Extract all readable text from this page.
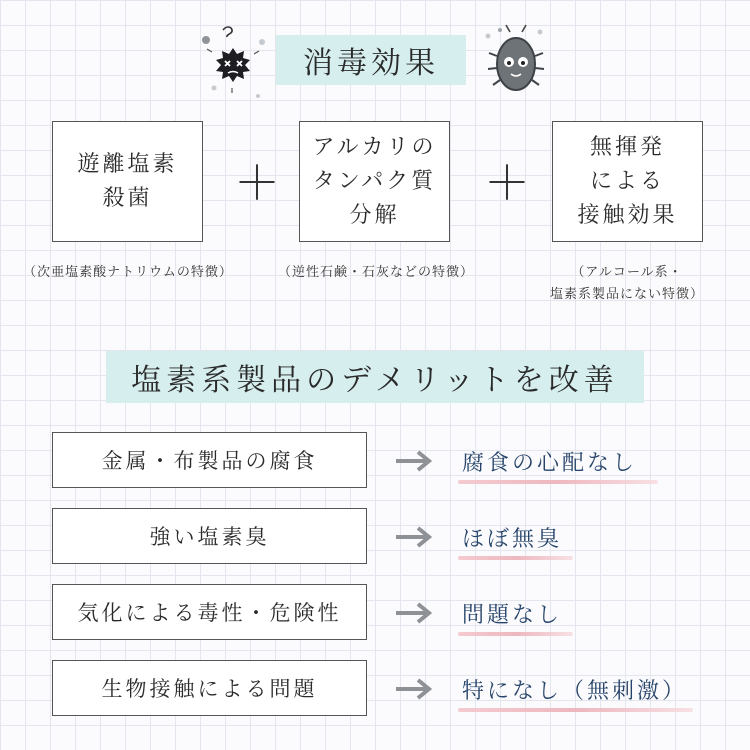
消毒効果
遊離塩素
殺菌	＋
アルカリの
タンパク質
分解
＋
無揮発
による
接触効果
（次亜塩素酸ナトリウムの特徴）	（逆性石鹸・石灰などの特徴）	（アルコール系・
塩素系製品にない特徴）
塩素系製品のデメリットを改善
金属・布製品の腐食	腐食の心配なし
強い塩素臭	ほぼ無臭
気化による毒性・危険性	問題なし
生物接触による問題	特になし（無刺激）
